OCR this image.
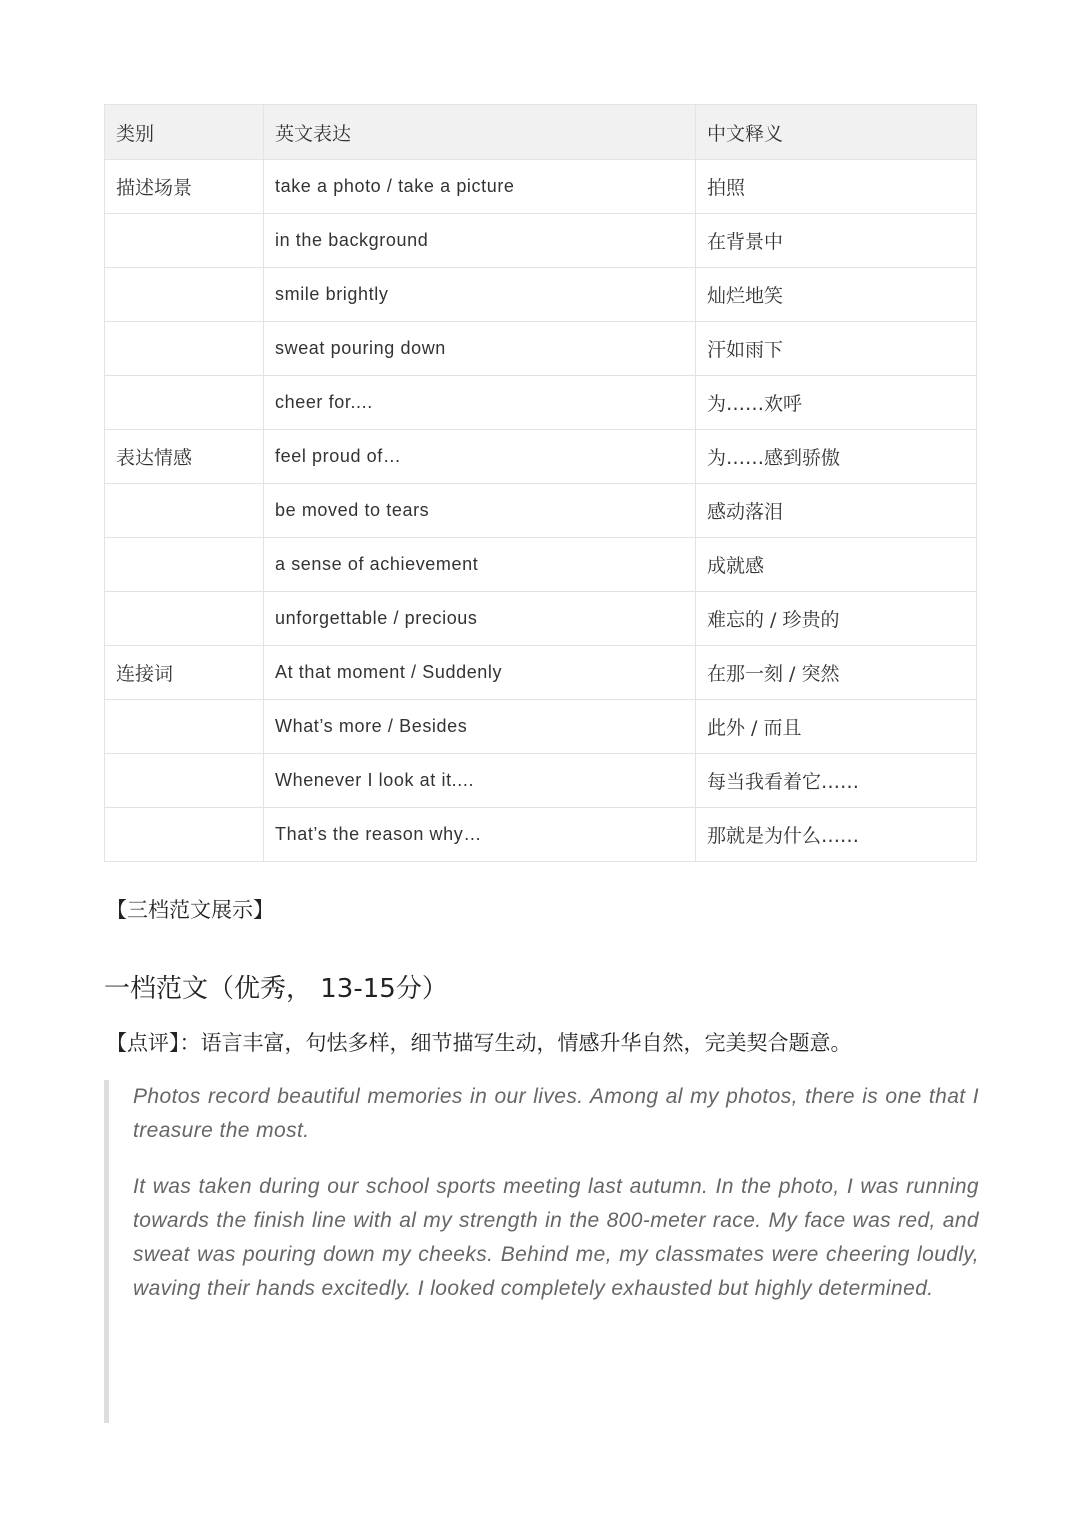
类别	英文表达	中文释义
描述场景	take a photo / take a picture	拍照
	in the background	在背景中
	smile brightly	灿烂地笑
	sweat pouring down	汗如雨下
	cheer for....	为……欢呼
表达情感	feel proud of…	为……感到骄傲
	be moved to tears	感动落泪
	a sense of achievement	成就感
	unforgettable / precious	难忘的 / 珍贵的
连接词	At that moment / Suddenly	在那一刻 / 突然
	What’s more / Besides	此外 / 而且
	Whenever I look at it....	每当我看着它……
	That’s the reason why…	那就是为什么……
【三档范文展示】
一档范文（优秀， 13-15分）
【点评】：语言丰富，句怯多样，细节描写生动，情感升华自然，完美契合题意。

Photos record beautiful memories in our lives. Among al my photos, there is one that I treasure the most.

It was taken during our school sports meeting last autumn. In the photo, I was running towards the finish line with al my strength in the 800-meter race. My face was red, and sweat was pouring down my cheeks. Behind me, my classmates were cheering loudly, waving their hands excitedly. I looked completely exhausted but highly determined.
